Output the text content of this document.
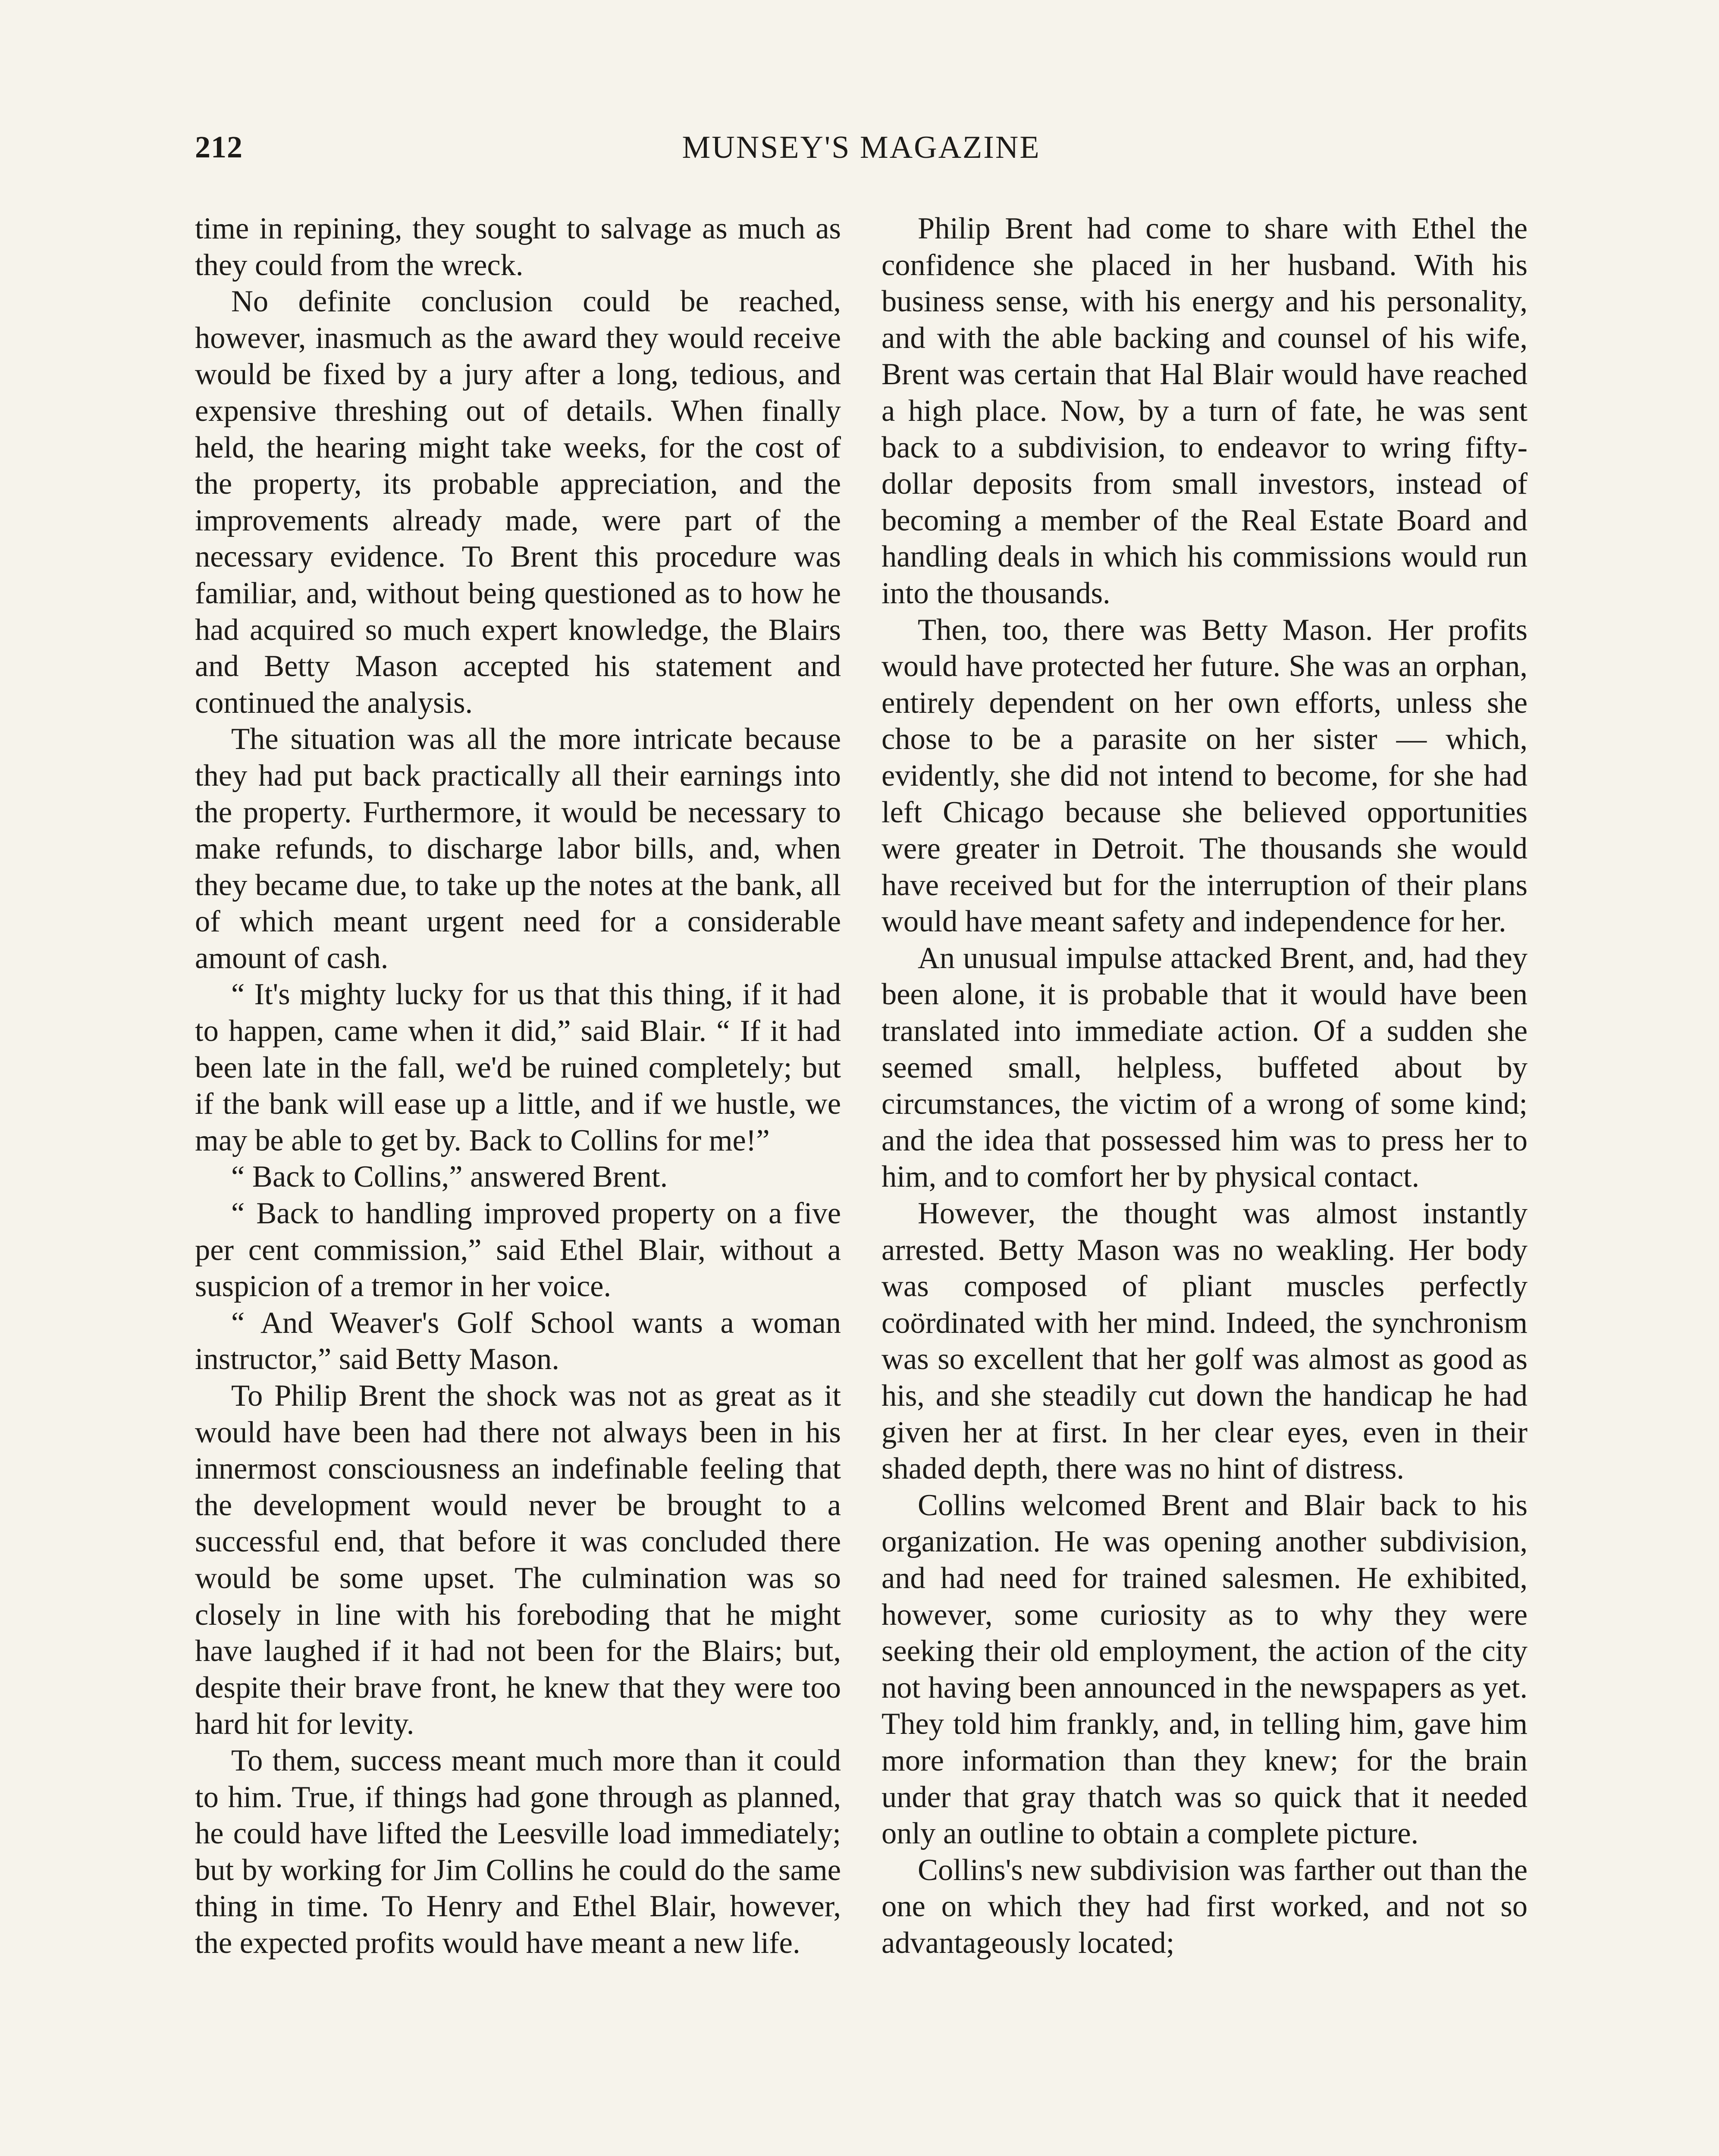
212	MUNSEY'S MAGAZINE

time in repining, they sought to salvage as much as they could from the wreck.

No definite conclusion could be reached, however, inasmuch as the award they would receive would be fixed by a jury after a long, tedious, and expensive threshing out of details. When finally held, the hearing might take weeks, for the cost of the property, its probable appreciation, and the improvements already made, were part of the necessary evidence. To Brent this procedure was familiar, and, without being questioned as to how he had acquired so much expert knowledge, the Blairs and Betty Mason accepted his statement and continued the analysis.

The situation was all the more intricate because they had put back practically all their earnings into the property. Furthermore, it would be necessary to make refunds, to discharge labor bills, and, when they became due, to take up the notes at the bank, all of which meant urgent need for a considerable amount of cash.

“ It's mighty lucky for us that this thing, if it had to happen, came when it did,” said Blair. “ If it had been late in the fall, we'd be ruined completely; but if the bank will ease up a little, and if we hustle, we may be able to get by. Back to Collins for me!”

“ Back to Collins,” answered Brent.

“ Back to handling improved property on a five per cent commission,” said Ethel Blair, without a suspicion of a tremor in her voice.

“ And Weaver's Golf School wants a woman instructor,” said Betty Mason.

To Philip Brent the shock was not as great as it would have been had there not always been in his innermost consciousness an indefinable feeling that the development would never be brought to a successful end, that before it was concluded there would be some upset. The culmination was so closely in line with his foreboding that he might have laughed if it had not been for the Blairs; but, despite their brave front, he knew that they were too hard hit for levity.

To them, success meant much more than it could to him. True, if things had gone through as planned, he could have lifted the Leesville load immediately; but by working for Jim Collins he could do the same thing in time. To Henry and Ethel Blair, however, the expected profits would have meant a new life.

Philip Brent had come to share with Ethel the confidence she placed in her husband. With his business sense, with his energy and his personality, and with the able backing and counsel of his wife, Brent was certain that Hal Blair would have reached a high place. Now, by a turn of fate, he was sent back to a subdivision, to endeavor to wring fifty-dollar deposits from small investors, instead of becoming a member of the Real Estate Board and handling deals in which his commissions would run into the thousands.

Then, too, there was Betty Mason. Her profits would have protected her future. She was an orphan, entirely dependent on her own efforts, unless she chose to be a parasite on her sister — which, evidently, she did not intend to become, for she had left Chicago because she believed opportunities were greater in Detroit. The thousands she would have received but for the interruption of their plans would have meant safety and independence for her.

An unusual impulse attacked Brent, and, had they been alone, it is probable that it would have been translated into immediate action. Of a sudden she seemed small, helpless, buffeted about by circumstances, the victim of a wrong of some kind; and the idea that possessed him was to press her to him, and to comfort her by physical contact.

However, the thought was almost instantly arrested. Betty Mason was no weakling. Her body was composed of pliant muscles perfectly coördinated with her mind. Indeed, the synchronism was so excellent that her golf was almost as good as his, and she steadily cut down the handicap he had given her at first. In her clear eyes, even in their shaded depth, there was no hint of distress.

Collins welcomed Brent and Blair back to his organization. He was opening another subdivision, and had need for trained salesmen. He exhibited, however, some curiosity as to why they were seeking their old employment, the action of the city not having been announced in the newspapers as yet. They told him frankly, and, in telling him, gave him more information than they knew; for the brain under that gray thatch was so quick that it needed only an outline to obtain a complete picture.

Collins's new subdivision was farther out than the one on which they had first worked, and not so advantageously located;
